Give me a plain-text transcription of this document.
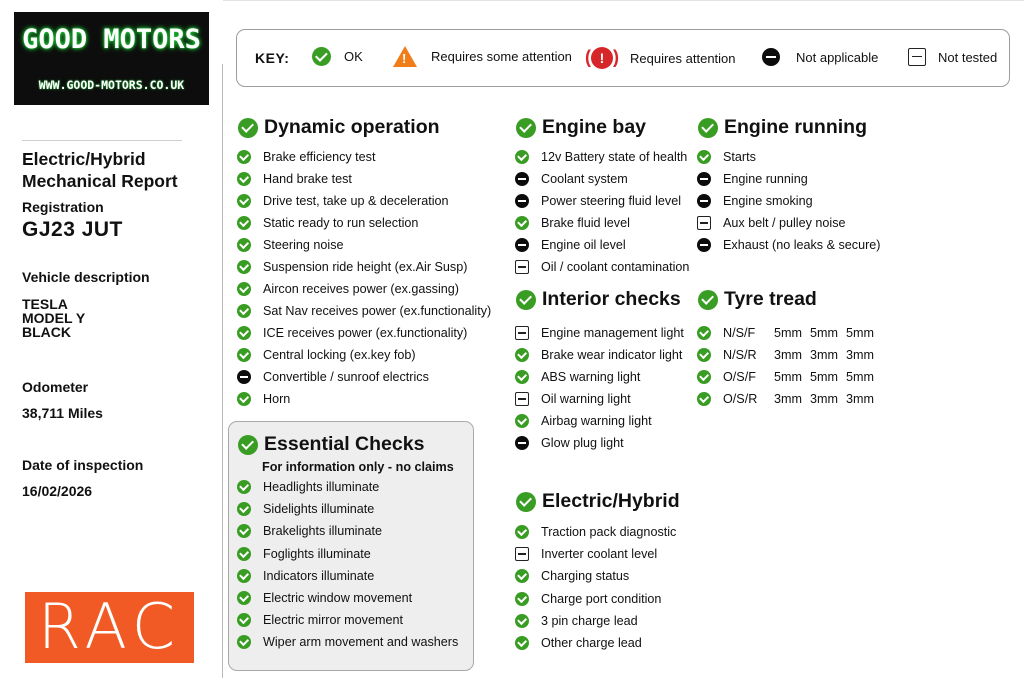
GOOD MOTORS
WWW.GOOD-MOTORS.CO.UK
Electric/Hybrid
Mechanical Report
Registration
GJ23 JUT
Vehicle description
TESLA
MODEL Y
BLACK
Odometer
38,711 Miles
Date of inspection
16/02/2026
RAC
KEY:	OK !	Requires some attention	( ! )	Requires attention	Not applicable	Not tested
Dynamic operation
Essential Checks
For information only - no claims
Engine bay	Engine running
Interior checks Tyre tread
Electric/Hybrid
Brake efficiency test
Hand brake test
Drive test, take up & deceleration
Static ready to run selection
Steering noise
Suspension ride height (ex.Air Susp)
Aircon receives power (ex.gassing)
Sat Nav receives power (ex.functionality)
ICE receives power (ex.functionality)
Central locking (ex.key fob)
Convertible / sunroof electrics
Horn
Headlights illuminate
Sidelights illuminate
Brakelights illuminate
Foglights illuminate
Indicators illuminate
Electric window movement
Electric mirror movement
Wiper arm movement and washers
12v Battery state of health
Coolant system
Power steering fluid level
Brake fluid level
Engine oil level
Oil / coolant contamination
Starts
Engine running
Engine smoking
Aux belt / pulley noise
Exhaust (no leaks & secure)
Engine management light
Brake wear indicator light
ABS warning light
Oil warning light
Airbag warning light
Glow plug light
Traction pack diagnostic
Inverter coolant level
Charging status
Charge port condition
3 pin charge lead
Other charge lead
N/S/F	5mm 5mm 5mm
N/S/R	3mm 3mm 3mm
O/S/F	5mm 5mm 5mm
O/S/R	3mm 3mm 3mm
